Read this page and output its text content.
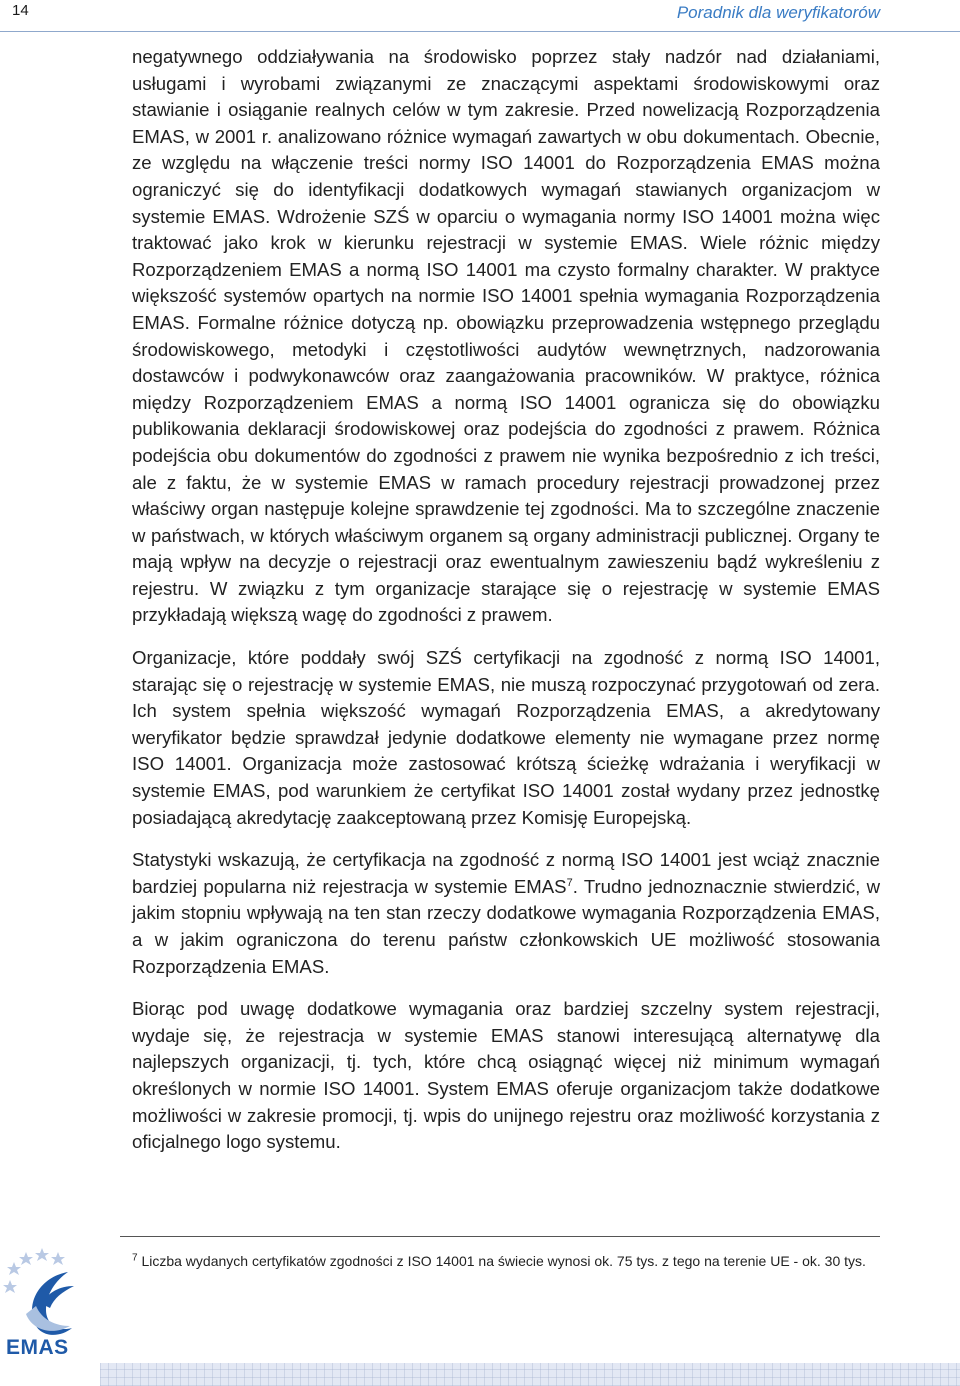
14	Poradnik dla weryfikatorów

negatywnego oddziaływania na środowisko poprzez stały nadzór nad działaniami, usługami i wyrobami związanymi ze znaczącymi aspektami środowiskowymi oraz stawianie i osiąganie realnych celów w tym zakresie. Przed nowelizacją Rozporządzenia EMAS, w 2001 r. analizowano różnice wymagań zawartych w obu dokumentach. Obecnie, ze względu na włączenie treści normy ISO 14001 do Rozporządzenia EMAS można ograniczyć się do identyfikacji dodatkowych wymagań stawianych organizacjom w systemie EMAS. Wdrożenie SZŚ w oparciu o wymagania normy ISO 14001 można więc traktować jako krok w kierunku rejestracji w systemie EMAS. Wiele różnic między Rozporządzeniem EMAS a normą ISO 14001 ma czysto formalny charakter. W praktyce większość systemów opartych na normie ISO 14001 spełnia wymagania Rozporządzenia EMAS. Formalne różnice dotyczą np. obowiązku przeprowadzenia wstępnego przeglądu środowiskowego, metodyki i częstotliwości audytów wewnętrznych, nadzorowania dostawców i podwykonawców oraz zaangażowania pracowników. W praktyce, różnica między Rozporządzeniem EMAS a normą ISO 14001 ogranicza się do obowiązku publikowania deklaracji środowiskowej oraz podejścia do zgodności z prawem. Różnica podejścia obu dokumentów do zgodności z prawem nie wynika bezpośrednio z ich treści, ale z faktu, że w systemie EMAS w ramach procedury rejestracji prowadzonej przez właściwy organ następuje kolejne sprawdzenie tej zgodności. Ma to szczególne znaczenie w państwach, w których właściwym organem są organy administracji publicznej. Organy te mają wpływ na decyzje o rejestracji oraz ewentualnym zawieszeniu bądź wykreśleniu z rejestru. W związku z tym organizacje starające się o rejestrację w systemie EMAS przykładają większą wagę do zgodności z prawem.

Organizacje, które poddały swój SZŚ certyfikacji na zgodność z normą ISO 14001, starając się o rejestrację w systemie EMAS, nie muszą rozpoczynać przygotowań od zera. Ich system spełnia większość wymagań Rozporządzenia EMAS, a akredytowany weryfikator będzie sprawdzał jedynie dodatkowe elementy nie wymagane przez normę ISO 14001. Organizacja może zastosować krótszą ścieżkę wdrażania i weryfikacji w systemie EMAS, pod warunkiem że certyfikat ISO 14001 został wydany przez jednostkę posiadającą akredytację zaakceptowaną przez Komisję Europejską.

Statystyki wskazują, że certyfikacja na zgodność z normą ISO 14001 jest wciąż znacznie bardziej popularna niż rejestracja w systemie EMAS$^7$. Trudno jednoznacznie stwierdzić, w jakim stopniu wpływają na ten stan rzeczy dodatkowe wymagania Rozporządzenia EMAS, a w jakim ograniczona do terenu państw członkowskich UE możliwość stosowania Rozporządzenia EMAS.

Biorąc pod uwagę dodatkowe wymagania oraz bardziej szczelny system rejestracji, wydaje się, że rejestracja w systemie EMAS stanowi interesującą alternatywę dla najlepszych organizacji, tj. tych, które chcą osiągnąć więcej niż minimum wymagań określonych w normie ISO 14001. System EMAS oferuje organizacjom także dodatkowe możliwości w zakresie promocji, tj. wpis do unijnego rejestru oraz możliwość korzystania z oficjalnego logo systemu.

$^7$ Liczba wydanych certyfikatów zgodności z ISO 14001 na świecie wynosi ok. 75 tys. z tego na terenie UE - ok. 30 tys.
EMAS
